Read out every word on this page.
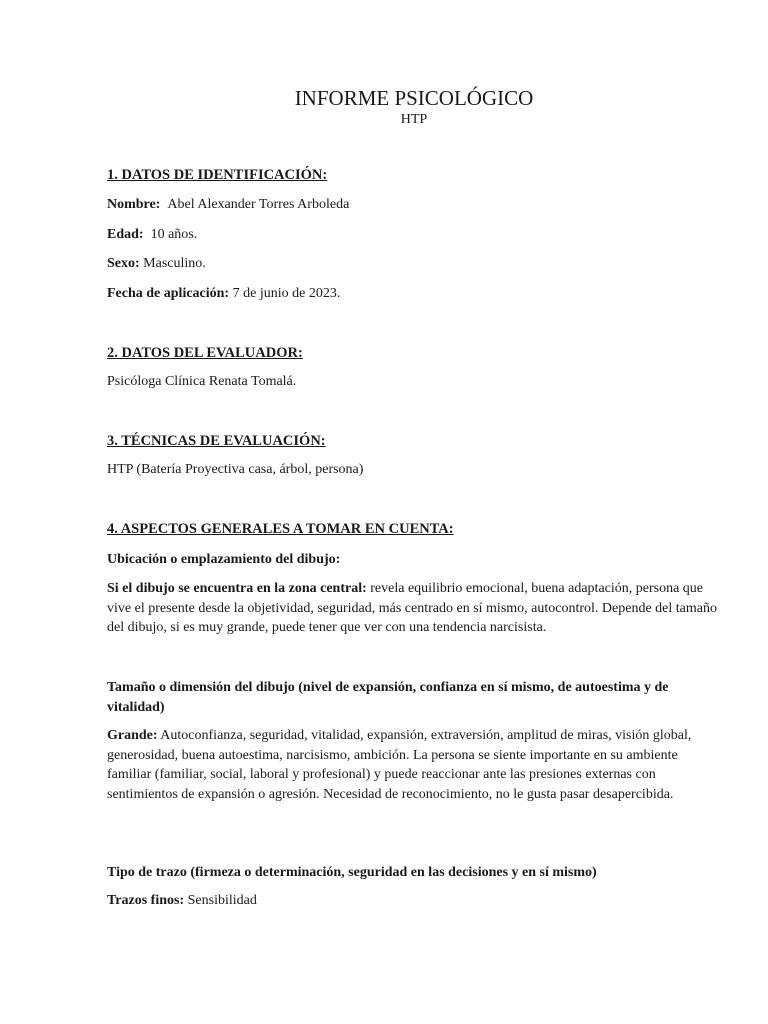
INFORME PSICOLÓGICO
HTP
1. DATOS DE IDENTIFICACIÓN:
Nombre: Abel Alexander Torres Arboleda
Edad: 10 años.
Sexo: Masculino.
Fecha de aplicación: 7 de junio de 2023.
2. DATOS DEL EVALUADOR:
Psicóloga Clínica Renata Tomalá.
3. TÉCNICAS DE EVALUACIÓN:
HTP (Batería Proyectiva casa, árbol, persona)
4. ASPECTOS GENERALES A TOMAR EN CUENTA:
Ubicación o emplazamiento del dibujo:
Si el dibujo se encuentra en la zona central: revela equilibrio emocional, buena adaptación, persona que vive el presente desde la objetividad, seguridad, más centrado en sí mismo, autocontrol. Depende del tamaño del dibujo, si es muy grande, puede tener que ver con una tendencia narcisista.
Tamaño o dimensión del dibujo (nivel de expansión, confianza en sí mismo, de autoestima y de vitalidad)
Grande: Autoconfianza, seguridad, vitalidad, expansión, extraversión, amplitud de miras, visión global, generosidad, buena autoestima, narcisismo, ambición. La persona se siente importante en su ambiente familiar (familiar, social, laboral y profesional) y puede reaccionar ante las presiones externas con sentimientos de expansión o agresión. Necesidad de reconocimiento, no le gusta pasar desapercibida.
Tipo de trazo (firmeza o determinación, seguridad en las decisiones y en sí mismo)
Trazos finos: Sensibilidad
